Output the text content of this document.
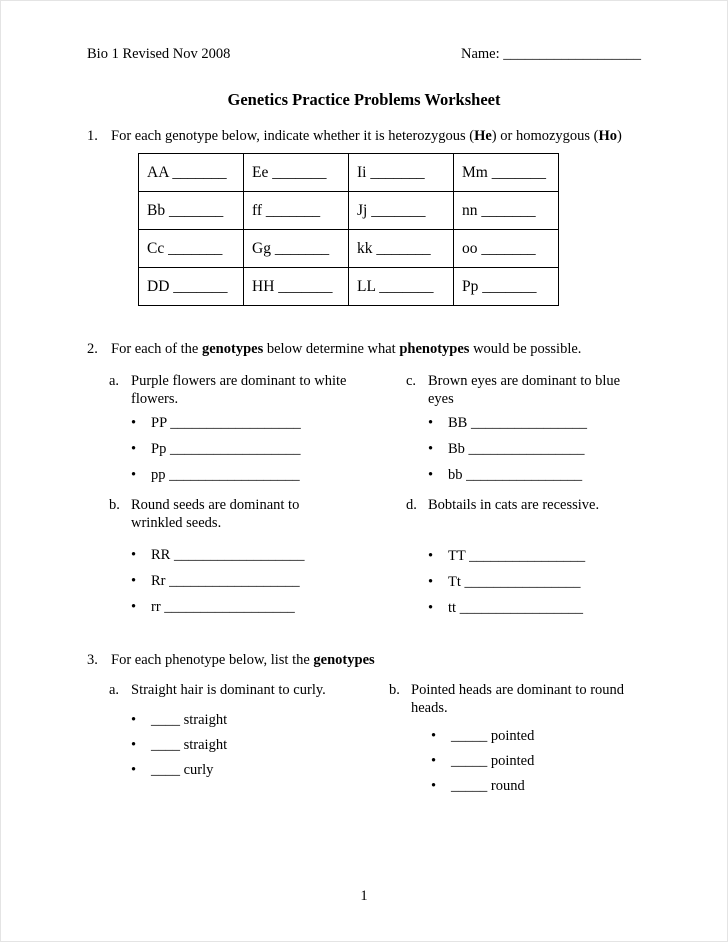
Bio 1 Revised Nov 2008	Name: ___________________
Genetics Practice Problems Worksheet
1. For each genotype below, indicate whether it is heterozygous (He) or homozygous (Ho)
AA _______	Ee _______	Ii _______	Mm _______
Bb _______	ff _______	Jj _______	nn _______
Cc _______	Gg _______	kk _______	oo _______
DD _______	HH _______	LL _______	Pp _______
2. For each of the genotypes below determine what phenotypes would be possible.
a. Purple flowers are dominant to white flowers.
•	PP __________________
•	Pp __________________
•	pp __________________
b. Round seeds are dominant to wrinkled seeds.
•	RR __________________
•	Rr __________________
•	rr __________________
c. Brown eyes are dominant to blue eyes
•	BB ________________
•	Bb ________________
•	bb ________________
d. Bobtails in cats are recessive.
•	TT ________________
•	Tt ________________
•	tt _________________
3. For each phenotype below, list the genotypes
a. Straight hair is dominant to curly.
•	____ straight
•	____ straight
•	____ curly
b. Pointed heads are dominant to round heads.
•	_____ pointed
•	_____ pointed
•	_____ round
1
